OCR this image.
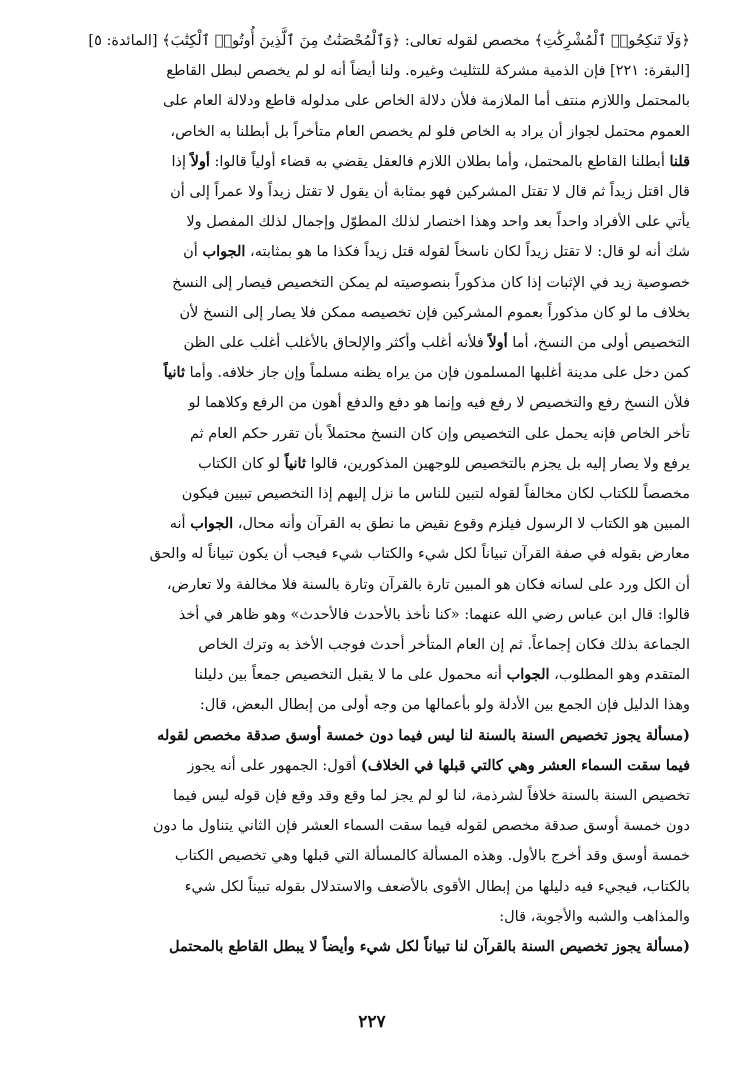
﴿وَلَا تَنكِحُوا۟ ٱلْمُشْرِكَٰتِ﴾ مخصص لقوله تعالى: ﴿وَٱلْمُحْصَنَٰتُ مِنَ ٱلَّذِينَ أُوتُوا۟ ٱلْكِتَٰبَ﴾ [المائدة: ٥]
[البقرة: ٢٢١] فإن الذمية مشركة للتثليث وغيره. ولنا أيضاً أنه لو لم يخصص لبطل القاطع
بالمحتمل واللازم منتف أما الملازمة فلأن دلالة الخاص على مدلوله قاطع ودلالة العام على
العموم محتمل لجواز أن يراد به الخاص فلو لم يخصص العام متأخراً بل أبطلنا به الخاص،
قلنا أبطلنا القاطع بالمحتمل، وأما بطلان اللازم فالعقل يقضي به قضاء أولياً قالوا: أولاً إذا
قال اقتل زيداً ثم قال لا تقتل المشركين فهو بمثابة أن يقول لا تقتل زيداً ولا عمراً إلى أن
يأتي على الأفراد واحداً بعد واحد وهذا اختصار لذلك المطوّل وإجمال لذلك المفصل ولا
شك أنه لو قال: لا تقتل زيداً لكان ناسخاً لقوله قتل زيداً فكذا ما هو بمثابته، الجواب أن
خصوصية زيد في الإثبات إذا كان مذكوراً بنصوصيته لم يمكن التخصيص فيصار إلى النسخ
بخلاف ما لو كان مذكوراً بعموم المشركين فإن تخصيصه ممكن فلا يصار إلى النسخ لأن
التخصيص أولى من النسخ، أما أولاً فلأنه أغلب وأكثر والإلحاق بالأغلب أغلب على الظن
كمن دخل على مدينة أغلبها المسلمون فإن من يراه يظنه مسلماً وإن جاز خلافه. وأما ثانياً
فلأن النسخ رفع والتخصيص لا رفع فيه وإنما هو دفع والدفع أهون من الرفع وكلاهما لو
تأخر الخاص فإنه يحمل على التخصيص وإن كان النسخ محتملاً بأن تقرر حكم العام ثم
يرفع ولا يصار إليه بل يجزم بالتخصيص للوجهين المذكورين، قالوا ثانياً لو كان الكتاب
مخصصاً للكتاب لكان مخالفاً لقوله لتبين للناس ما نزل إليهم إذا التخصيص تبيين فيكون
المبين هو الكتاب لا الرسول فيلزم وقوع نقيض ما نطق به القرآن وأنه محال، الجواب أنه
معارض بقوله في صفة القرآن تبياناً لكل شيء والكتاب شيء فيجب أن يكون تبياناً له والحق
أن الكل ورد على لسانه فكان هو المبين تارة بالقرآن وتارة بالسنة فلا مخالفة ولا تعارض،
قالوا: قال ابن عباس رضي الله عنهما: «كنا نأخذ بالأحدث فالأحدث» وهو ظاهر في أخذ
الجماعة بذلك فكان إجماعاً. ثم إن العام المتأخر أحدث فوجب الأخذ به وترك الخاص
المتقدم وهو المطلوب، الجواب أنه محمول على ما لا يقبل التخصيص جمعاً بين دليلنا
وهذا الدليل فإن الجمع بين الأدلة ولو بأعمالها من وجه أولى من إبطال البعض، قال:
(مسألة يجوز تخصيص السنة بالسنة لنا ليس فيما دون خمسة أوسق صدقة مخصص لقوله
فيما سقت السماء العشر وهي كالتي قبلها في الخلاف) أقول: الجمهور على أنه يجوز
تخصيص السنة بالسنة خلافاً لشرذمة، لنا لو لم يجز لما وقع وقد وقع فإن قوله ليس فيما
دون خمسة أوسق صدقة مخصص لقوله فيما سقت السماء العشر فإن الثاني يتناول ما دون
خمسة أوسق وقد أخرج بالأول. وهذه المسألة كالمسألة التي قبلها وهي تخصيص الكتاب
بالكتاب، فيجيء فيه دليلها من إبطال الأقوى بالأضعف والاستدلال بقوله تبيناً لكل شيء
والمذاهب والشبه والأجوبة، قال:
(مسألة يجوز تخصيص السنة بالقرآن لنا تبياناً لكل شيء وأيضاً لا يبطل القاطع بالمحتمل
٢٢٧
